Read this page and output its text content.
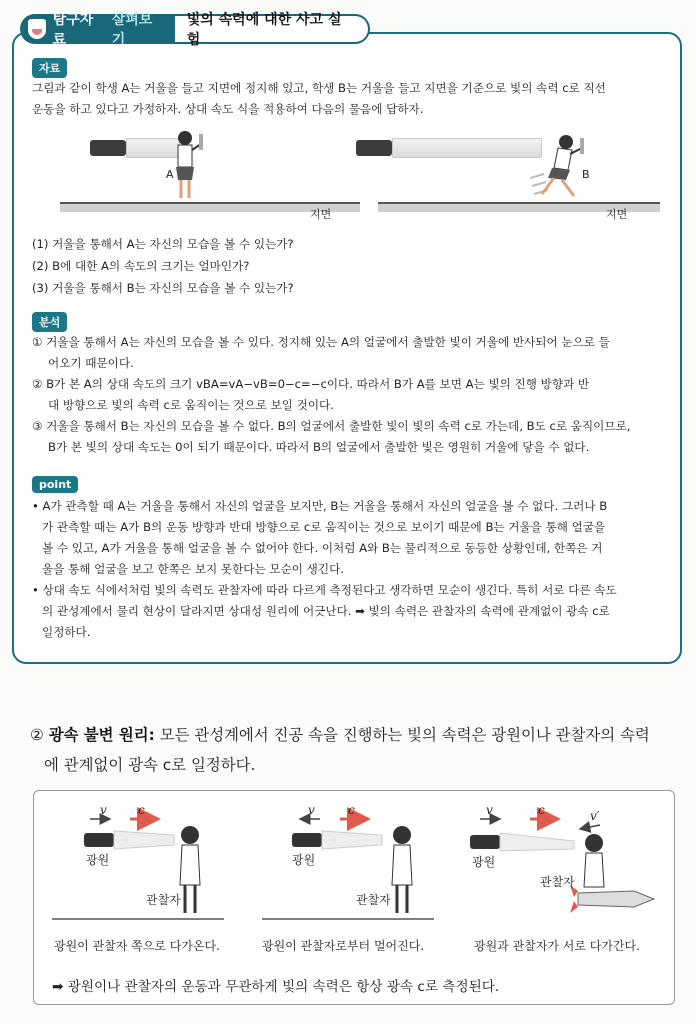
탐구자료
살펴보기
빛의 속력에 대한 사고 실험
자료
그림과 같이 학생 A는 거울을 들고 지면에 정지해 있고, 학생 B는 거울을 들고 지면을 기준으로 빛의 속력 c로 직선
운동을 하고 있다고 가정하자. 상대 속도 식을 적용하여 다음의 물음에 답하자.
A
지면
B
지면
(1) 거울을 통해서 A는 자신의 모습을 볼 수 있는가?
(2) B에 대한 A의 속도의 크기는 얼마인가?
(3) 거울을 통해서 B는 자신의 모습을 볼 수 있는가?
분석
① 거울을 통해서 A는 자신의 모습을 볼 수 있다. 정지해 있는 A의 얼굴에서 출발한 빛이 거울에 반사되어 눈으로 들
어오기 때문이다.
② B가 본 A의 상대 속도의 크기 vBA=vA−vB=0−c=−c이다. 따라서 B가 A를 보면 A는 빛의 진행 방향과 반
대 방향으로 빛의 속력 c로 움직이는 것으로 보일 것이다.
③ 거울을 통해서 B는 자신의 모습을 볼 수 없다. B의 얼굴에서 출발한 빛이 빛의 속력 c로 가는데, B도 c로 움직이므로,
B가 본 빛의 상대 속도는 0이 되기 때문이다. 따라서 B의 얼굴에서 출발한 빛은 영원히 거울에 닿을 수 없다.
point
• A가 관측할 때 A는 거울을 통해서 자신의 얼굴을 보지만, B는 거울을 통해서 자신의 얼굴을 볼 수 없다. 그러나 B
가 관측할 때는 A가 B의 운동 방향과 반대 방향으로 c로 움직이는 것으로 보이기 때문에 B는 거울을 통해 얼굴을
볼 수 있고, A가 거울을 통해 얼굴을 볼 수 없어야 한다. 이처럼 A와 B는 물리적으로 동등한 상황인데, 한쪽은 거
울을 통해 얼굴을 보고 한쪽은 보지 못한다는 모순이 생긴다.
• 상대 속도 식에서처럼 빛의 속력도 관찰자에 따라 다르게 측정된다고 생각하면 모순이 생긴다. 특히 서로 다른 속도
의 관성계에서 물리 현상이 달라지면 상대성 원리에 어긋난다. ➡ 빛의 속력은 관찰자의 속력에 관계없이 광속 c로
일정하다.
② 광속 불변 원리: 모든 관성계에서 진공 속을 진행하는 빛의 속력은 광원이나 관찰자의 속력
에 관계없이 광속 c로 일정하다.
v	c
광원
관찰자
광원이 관찰자 쪽으로 다가온다.
v	c
광원
관찰자
광원이 관찰자로부터 멀어진다.
v	c	v′
광원
관찰자
광원과 관찰자가 서로 다가간다.
➡ 광원이나 관찰자의 운동과 무관하게 빛의 속력은 항상 광속 c로 측정된다.
